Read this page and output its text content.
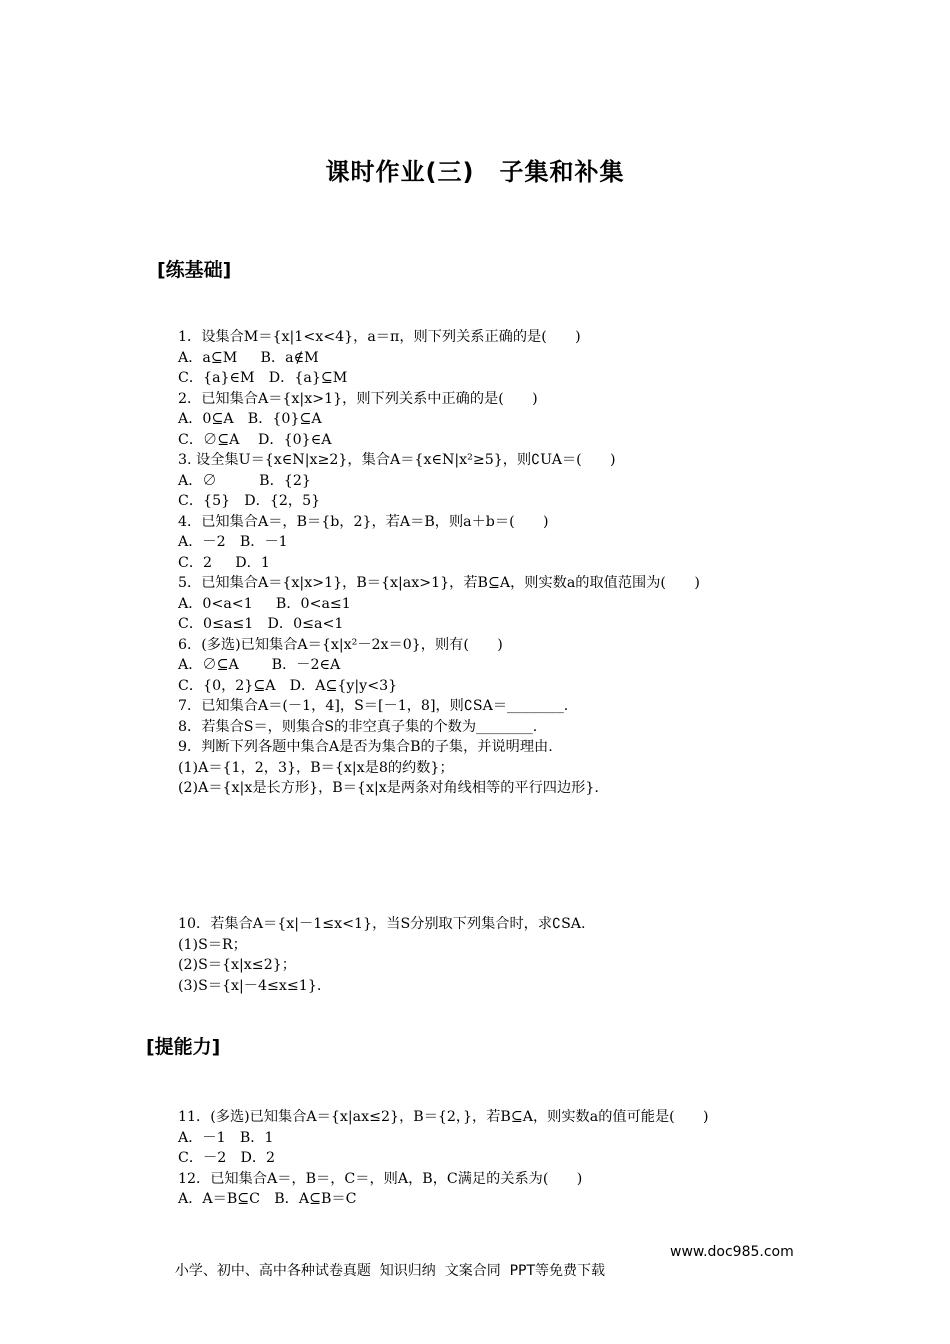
课时作业(三)　子集和补集
[练基础]
1．设集合M＝{x|1<x<4}，a＝π，则下列关系正确的是(　　)
A．a⊆M　  B．a∉M
C．{a}∈M　D．{a}⊆M
2．已知集合A＝{x|x>1}，则下列关系中正确的是(　　)
A．0⊆A　B．{0}⊆A
C．∅⊆A　 D．{0}∈A
3. 设全集U＝{x∈N|x≥2}，集合A＝{x∈N|x²≥5}，则∁UA＝(　　)
A．∅　　　B．{2}
C．{5}　D．{2，5}
4．已知集合A＝，B＝{b，2}，若A＝B，则a＋b＝(　　)
A．－2　B．－1
C．2　  D．1
5．已知集合A＝{x|x>1}，B＝{x|ax>1}，若B⊆A，则实数a的取值范围为(　　)
A．0<a<1　  B．0<a≤1
C．0≤a≤1　D．0≤a<1
6．(多选)已知集合A＝{x|x²－2x＝0}，则有(　　)
A．∅⊆A　　 B．－2∈A
C．{0，2}⊆A　D．A⊆{y|y<3}
7．已知集合A＝(－1，4]，S＝[－1，8]，则∁SA＝________.
8．若集合S＝，则集合S的非空真子集的个数为________.
9．判断下列各题中集合A是否为集合B的子集，并说明理由.
(1)A＝{1，2，3}，B＝{x|x是8的约数}；
(2)A＝{x|x是长方形}，B＝{x|x是两条对角线相等的平行四边形}.
10．若集合A＝{x|－1≤x<1}，当S分别取下列集合时，求∁SA.
(1)S＝R；
(2)S＝{x|x≤2}；
(3)S＝{x|－4≤x≤1}.
[提能力]
11．(多选)已知集合A＝{x|ax≤2}，B＝{2，}，若B⊆A，则实数a的值可能是(　　)
A．－1　B．1
C．－2　D．2
12．已知集合A＝，B＝，C＝，则A，B，C满足的关系为(　　)
A．A＝B⊆C　B．A⊆B＝C

小学、初中、高中各种试卷真题  知识归纳  文案合同  PPT等免费下载

www.doc985.com
